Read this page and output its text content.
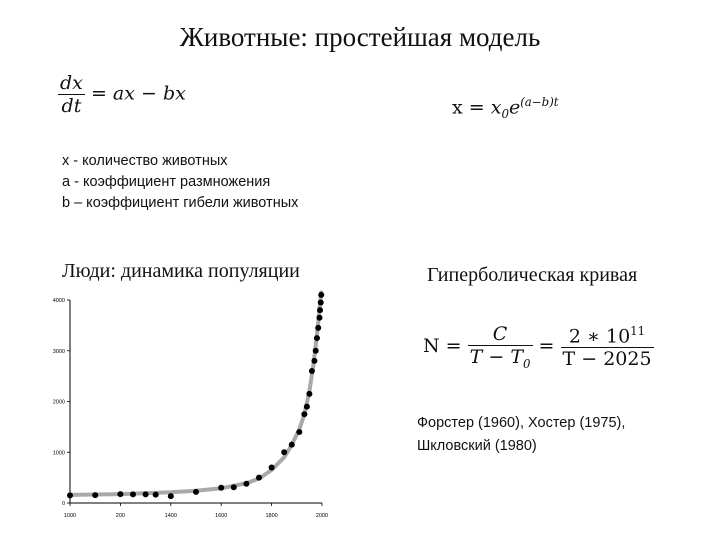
Животные: простейшая модель
$\frac{dx}{dt}$ = ax − bx
$x = x_0e^{(a-b)t}$
x - количество животных
a - коэффициент размножения
b – коэффициент гибели животных
Люди: динамика популяции	Гиперболическая кривая
1000	200	1400	1600	1800	2000
0
1000
2000
3000
4000
$N = \frac{C}{T - T_0} = \frac{2 ∗ 10^{11}}{T - 2025}$
Форстер (1960), Хостер (1975),
Шкловский (1980)
